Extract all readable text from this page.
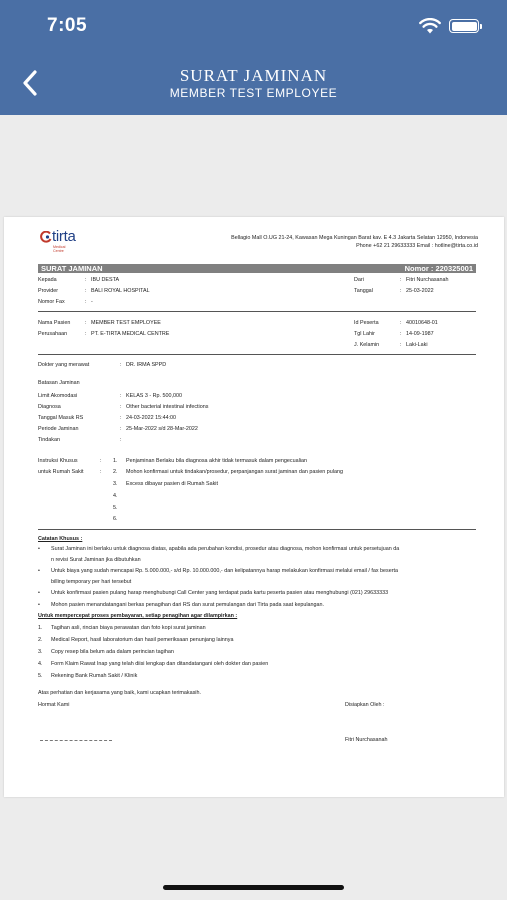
7:05
SURAT JAMINAN
MEMBER TEST EMPLOYEE
tirta
Medical Centre
Bellagio Mall O.UG 21-24, Kawasan Mega Kuningan Barat kav. E 4.3 Jakarta Selatan 12950, Indonesia
Phone +62 21 29633333 Email : hotline@tirta.co.id
SURAT JAMINAN	Nomor : 220325001
Kepada	: IBU DESTA
Provider	: BALI ROYAL HOSPITAL
Nomor Fax	: -
Dari	: Fitri Nurchasanah
Tanggal	: 25-03-2022
Nama Pasien	: MEMBER TEST EMPLOYEE
Perusahaan	: PT. E-TIRTA MEDICAL CENTRE
Id Peserta	: 40010648-01
Tgl Lahir	: 14-09-1987
J. Kelamin	: Laki-Laki
Dokter yang merawat	: DR. IRMA SPPD
Batasan Jaminan
Limit Akomodasi	: KELAS 3 - Rp. 500,000
Diagnosa	: Other bacterial intestinal infections
Tanggal Masuk RS	: 24-03-2022 15:44:00
Periode Jaminan	: 25-Mar-2022 s/d 28-Mar-2022
Tindakan	:
Instruksi Khusus
untuk Rumah Sakit
:
:
1. Penjaminan Berlaku bila diagnosa akhir tidak termasuk dalam pengecualian
2. Mohon konfirmasi untuk tindakan/prosedur, perpanjangan surat jaminan dan pasien pulang
3. Excess dibayar pasien di Rumah Sakit
4.
5.
6.
Catatan Khusus :
• Surat Jaminan ini berlaku untuk diagnosa diatas, apabila ada perubahan kondisi, prosedur atau diagnosa, mohon konfirmasi untuk persetujuan da
n revisi Surat Jaminan jka dibutuhkan
• Untuk biaya yang sudah mencapai Rp. 5.000.000,- s/d Rp. 10.000.000,- dan kelipatannya harap melakukan konfirmasi melalui email / fax beserta
billing temporary per hari tersebut
• Untuk konfirmasi pasien pulang harap menghubungi Call Center yang terdapat pada kartu peserta pasien atau menghubungi (021) 29633333
• Mohon pasien menandatangani berkas penagihan dari RS dan surat pemulangan dari Tirta pada saat kepulangan.
Untuk mempercepat proses pembayaran, setiap penagihan agar dilampirkan :
1. Tagihan asli, rincian biaya perawatan dan foto kopi surat jaminan
2. Medical Report, hasil laboratorium dan hasil pemeriksaan penunjang lainnya
3. Copy resep bila belum ada dalam perincian tagihan
4. Form Klaim Rawat Inap yang telah diisi lengkap dan ditandatangani oleh dokter dan pasien
5. Rekening Bank Rumah Sakit / Klinik
Atas perhatian dan kerjasama yang baik, kami ucapkan terimakasih.
Hormat Kami	Disiapkan Oleh :
Fitri Nurchasanah
